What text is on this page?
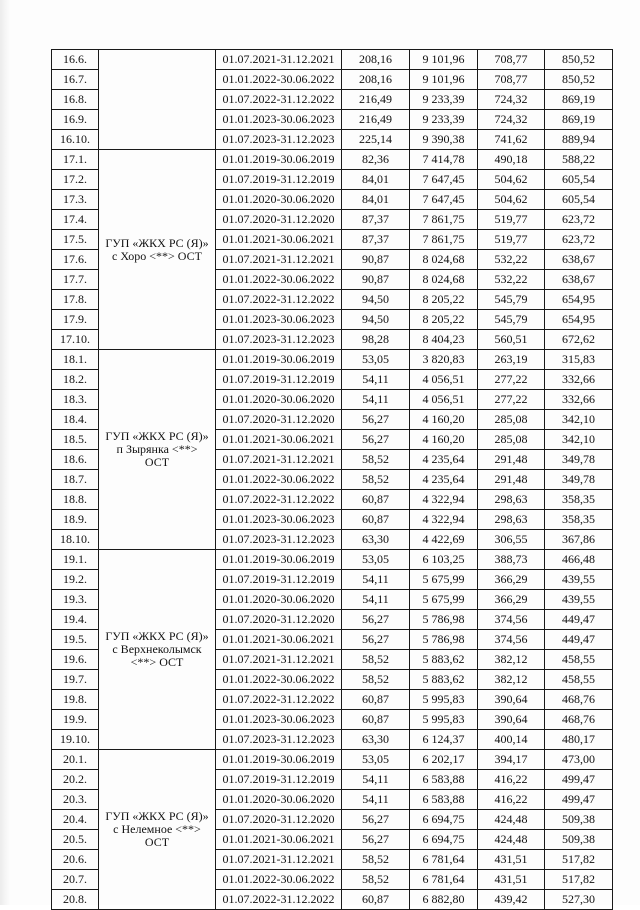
16.6.		01.07.2021-31.12.2021	208,16	9 101,96	708,77	850,52
16.7.		01.01.2022-30.06.2022	208,16	9 101,96	708,77	850,52
16.8.		01.07.2022-31.12.2022	216,49	9 233,39	724,32	869,19
16.9.		01.01.2023-30.06.2023	216,49	9 233,39	724,32	869,19
16.10.		01.07.2023-31.12.2023	225,14	9 390,38	741,62	889,94
17.1.	ГУП «ЖКХ РС (Я)» с Хоро <**> ОСТ	01.01.2019-30.06.2019	82,36	7 414,78	490,18	588,22
17.2.		01.07.2019-31.12.2019	84,01	7 647,45	504,62	605,54
17.3.		01.01.2020-30.06.2020	84,01	7 647,45	504,62	605,54
17.4.		01.07.2020-31.12.2020	87,37	7 861,75	519,77	623,72
17.5.		01.01.2021-30.06.2021	87,37	7 861,75	519,77	623,72
17.6.		01.07.2021-31.12.2021	90,87	8 024,68	532,22	638,67
17.7.		01.01.2022-30.06.2022	90,87	8 024,68	532,22	638,67
17.8.		01.07.2022-31.12.2022	94,50	8 205,22	545,79	654,95
17.9.		01.01.2023-30.06.2023	94,50	8 205,22	545,79	654,95
17.10.		01.07.2023-31.12.2023	98,28	8 404,23	560,51	672,62
18.1.	ГУП «ЖКХ РС (Я)» п Зырянка <**> ОСТ	01.01.2019-30.06.2019	53,05	3 820,83	263,19	315,83
18.2.		01.07.2019-31.12.2019	54,11	4 056,51	277,22	332,66
18.3.		01.01.2020-30.06.2020	54,11	4 056,51	277,22	332,66
18.4.		01.07.2020-31.12.2020	56,27	4 160,20	285,08	342,10
18.5.		01.01.2021-30.06.2021	56,27	4 160,20	285,08	342,10
18.6.		01.07.2021-31.12.2021	58,52	4 235,64	291,48	349,78
18.7.		01.01.2022-30.06.2022	58,52	4 235,64	291,48	349,78
18.8.		01.07.2022-31.12.2022	60,87	4 322,94	298,63	358,35
18.9.		01.01.2023-30.06.2023	60,87	4 322,94	298,63	358,35
18.10.		01.07.2023-31.12.2023	63,30	4 422,69	306,55	367,86
19.1.	ГУП «ЖКХ РС (Я)» с Верхнеколымск <**> ОСТ	01.01.2019-30.06.2019	53,05	6 103,25	388,73	466,48
19.2.		01.07.2019-31.12.2019	54,11	5 675,99	366,29	439,55
19.3.		01.01.2020-30.06.2020	54,11	5 675,99	366,29	439,55
19.4.		01.07.2020-31.12.2020	56,27	5 786,98	374,56	449,47
19.5.		01.01.2021-30.06.2021	56,27	5 786,98	374,56	449,47
19.6.		01.07.2021-31.12.2021	58,52	5 883,62	382,12	458,55
19.7.		01.01.2022-30.06.2022	58,52	5 883,62	382,12	458,55
19.8.		01.07.2022-31.12.2022	60,87	5 995,83	390,64	468,76
19.9.		01.01.2023-30.06.2023	60,87	5 995,83	390,64	468,76
19.10.		01.07.2023-31.12.2023	63,30	6 124,37	400,14	480,17
20.1.	ГУП «ЖКХ РС (Я)» с Нелемное <**> ОСТ	01.01.2019-30.06.2019	53,05	6 202,17	394,17	473,00
20.2.		01.07.2019-31.12.2019	54,11	6 583,88	416,22	499,47
20.3.		01.01.2020-30.06.2020	54,11	6 583,88	416,22	499,47
20.4.		01.07.2020-31.12.2020	56,27	6 694,75	424,48	509,38
20.5.		01.01.2021-30.06.2021	56,27	6 694,75	424,48	509,38
20.6.		01.07.2021-31.12.2021	58,52	6 781,64	431,51	517,82
20.7.		01.01.2022-30.06.2022	58,52	6 781,64	431,51	517,82
20.8.		01.07.2022-31.12.2022	60,87	6 882,80	439,42	527,30
